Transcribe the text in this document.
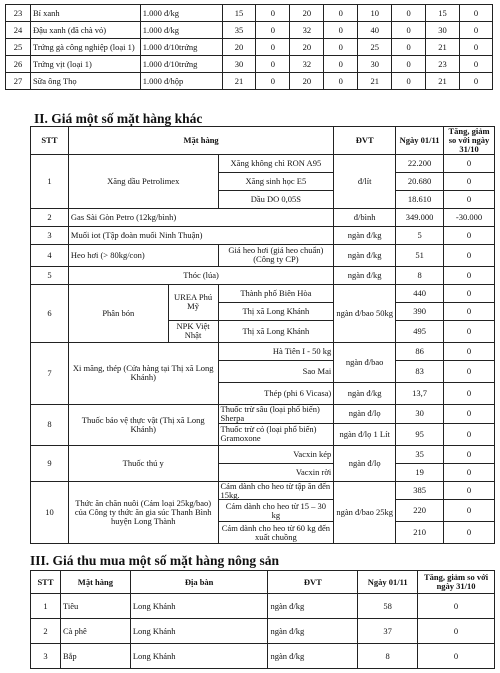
23	Bí xanh	1.000 đ/kg	15	0	20	0	10	0	15	0
24	Đậu xanh (đã chà vỏ)	1.000 đ/kg	35	0	32	0	40	0	30	0
25	Trứng gà công nghiệp (loại 1)	1.000 đ/10trứng	20	0	20	0	25	0	21	0
26	Trứng vịt (loại 1)	1.000 đ/10trứng	30	0	32	0	30	0	23	0
27	Sữa ông Thọ	1.000 đ/hộp	21	0	20	0	21	0	21	0
II. Giá một số mặt hàng khác
STT	Mặt hàng			ĐVT	Ngày 01/11	Tăng, giảm so với ngày 31/10
1	Xăng dầu Petrolimex		Xăng không chì RON A95	đ/lít	22.200	0
			Xăng sinh học E5		20.680	0
			Dầu DO 0,05S		18.610	0
2	Gas Sài Gòn Petro (12kg/bình)			đ/bình	349.000	-30.000
3	Muối iot (Tập đoàn muối Ninh Thuận)			ngàn đ/kg	5	0
4	Heo hơi (> 80kg/con)		Giá heo hơi (giá heo chuẩn) (Công ty CP)	ngàn đ/kg	51	0
5	Thóc (lúa)			ngàn đ/kg	8	0
6	Phân bón	UREA Phú Mỹ	Thành phố Biên Hòa	ngàn đ/bao 50kg	440	0
			Thị xã Long Khánh		390	0
		NPK Việt Nhật	Thị xã Long Khánh		495	0
7	Xi măng, thép (Cửa hàng tại Thị xã Long Khánh)		Hà Tiên I - 50 kg	ngàn đ/bao	86	0
			Sao Mai		83	0
			Thép (phi 6 Vicasa)	ngàn đ/kg	13,7	0
8	Thuốc bảo vệ thực vật (Thị xã Long Khánh)		Thuốc trừ sâu (loại phổ biến) Sherpa	ngàn đ/lọ	30	0
			Thuốc trừ cỏ (loại phổ biến) Gramoxone	ngàn đ/lọ 1 Lít	95	0
9	Thuốc thú y		Vacxin kép	ngàn đ/lọ	35	0
			Vacxin rời		19	0
10	Thức ăn chăn nuôi (Cám loại 25kg/bao) của Công ty thức ăn gia súc Thanh Bình huyện Long Thành		Cám dành cho heo từ tập ăn đến 15kg.	ngàn đ/bao 25kg	385	0
			Cám dành cho heo từ 15 – 30 kg		220	0
			Cám dành cho heo từ 60 kg đến xuất chuồng		210	0
III. Giá thu mua một số mặt hàng nông sản
STT	Mặt hàng	Địa bàn	ĐVT	Ngày 01/11	Tăng, giảm so với ngày 31/10
1	Tiêu	Long Khánh	ngàn đ/kg	58	0
2	Cà phê	Long Khánh	ngàn đ/kg	37	0
3	Bắp	Long Khánh	ngàn đ/kg	8	0
